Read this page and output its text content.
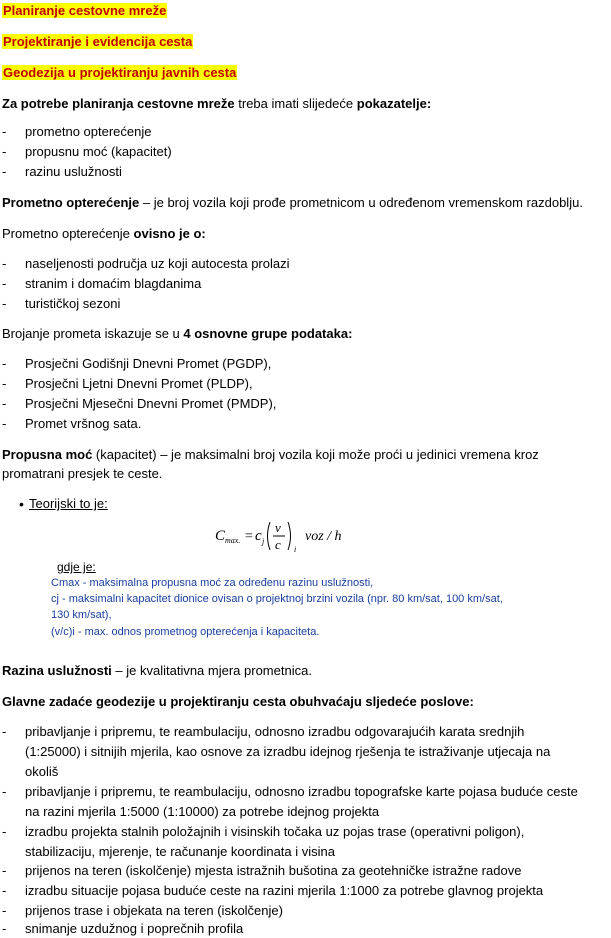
Planiranje cestovne mreže
Projektiranje i evidencija cesta
Geodezija u projektiranju javnih cesta
Za potrebe planiranja cestovne mreže treba imati slijedeće pokazatelje:
- prometno opterećenje
- propusnu moć (kapacitet)
- razinu uslužnosti
Prometno opterećenje – je broj vozila koji prođe prometnicom u određenom vremenskom razdoblju.
Prometno opterećenje ovisno je o:
- naseljenosti područja uz koji autocesta prolazi
- stranim i domaćim blagdanima
- turističkoj sezoni
Brojanje prometa iskazuje se u 4 osnovne grupe podataka:
- Prosječni Godišnji Dnevni Promet (PGDP),
- Prosječni Ljetni Dnevni Promet (PLDP),
- Prosječni Mjesečni Dnevni Promet (PMDP),
- Promet vršnog sata.
Propusna moć (kapacitet) – je maksimalni broj vozila koji može proći u jedinici vremena kroz
promatrani presjek te ceste.
• Teorijski to je:
C max. = c j
v
c i
voz / h
gdje je:
Cmax - maksimalna propusna moć za određenu razinu uslužnosti,
cj - maksimalni kapacitet dionice ovisan o projektnoj brzini vozila (npr. 80 km/sat, 100 km/sat,
130 km/sat),
(v/c)i - max. odnos prometnog opterećenja i kapaciteta.
Razina uslužnosti – je kvalitativna mjera prometnica.
Glavne zadaće geodezije u projektiranju cesta obuhvaćaju sljedeće poslove:
- pribavljanje i pripremu, te reambulaciju, odnosno izradbu odgovarajućih karata srednjih
(1:25000) i sitnijih mjerila, kao osnove za izradbu idejnog rješenja te istraživanje utjecaja na
okoliš
- pribavljanje i pripremu, te reambulaciju, odnosno izradbu topografske karte pojasa buduće ceste
na razini mjerila 1:5000 (1:10000) za potrebe idejnog projekta
- izradbu projekta stalnih položajnih i visinskih točaka uz pojas trase (operativni poligon),
stabilizaciju, mjerenje, te računanje koordinata i visina
- prijenos na teren (iskolčenje) mjesta istražnih bušotina za geotehničke istražne radove
- izradbu situacije pojasa buduće ceste na razini mjerila 1:1000 za potrebe glavnog projekta
- prijenos trase i objekata na teren (iskolčenje)
- snimanje uzdužnog i poprečnih profila
